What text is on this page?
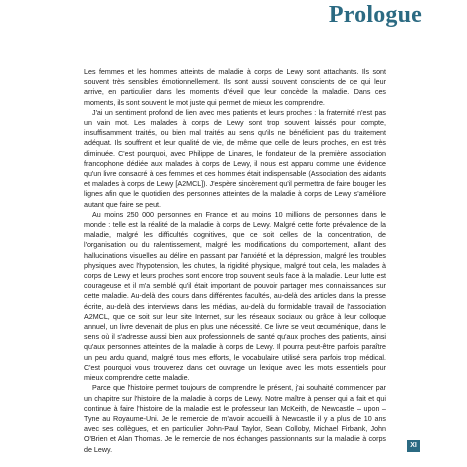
Prologue

Les femmes et les hommes atteints de maladie à corps de Lewy sont attachants. Ils sont souvent très sensibles émotionnellement. Ils sont aussi souvent conscients de ce qui leur arrive, en particulier dans les moments d'éveil que leur concède la maladie. Dans ces moments, ils sont souvent le mot juste qui permet de mieux les comprendre.

J'ai un sentiment profond de lien avec mes patients et leurs proches : la fraternité n'est pas un vain mot. Les malades à corps de Lewy sont trop souvent laissés pour compte, insuffisamment traités, ou bien mal traités au sens qu'ils ne bénéficient pas du traitement adéquat. Ils souffrent et leur qualité de vie, de même que celle de leurs proches, en est très diminuée. C'est pourquoi, avec Philippe de Linares, le fondateur de la première association francophone dédiée aux malades à corps de Lewy, il nous est apparu comme une évidence qu'un livre consacré à ces femmes et ces hommes était indispensable (Association des aidants et malades à corps de Lewy [A2MCL]). J'espère sincèrement qu'il permettra de faire bouger les lignes afin que le quotidien des personnes atteintes de la maladie à corps de Lewy s'améliore autant que faire se peut.

Au moins 250 000 personnes en France et au moins 10 millions de personnes dans le monde : telle est la réalité de la maladie à corps de Lewy. Malgré cette forte prévalence de la maladie, malgré les difficultés cognitives, que ce soit celles de la concentration, de l'organisation ou du ralentissement, malgré les modifications du comportement, allant des hallucinations visuelles au délire en passant par l'anxiété et la dépression, malgré les troubles physiques avec l'hypotension, les chutes, la rigidité physique, malgré tout cela, les malades à corps de Lewy et leurs proches sont encore trop souvent seuls face à la maladie. Leur lutte est courageuse et il m'a semblé qu'il était important de pouvoir partager mes connaissances sur cette maladie. Au-delà des cours dans différentes facultés, au-delà des articles dans la presse écrite, au-delà des interviews dans les médias, au-delà du formidable travail de l'association A2MCL, que ce soit sur leur site Internet, sur les réseaux sociaux ou grâce à leur colloque annuel, un livre devenait de plus en plus une nécessité. Ce livre se veut œcuménique, dans le sens où il s'adresse aussi bien aux professionnels de santé qu'aux proches des patients, ainsi qu'aux personnes atteintes de la maladie à corps de Lewy. Il pourra peut-être parfois paraître un peu ardu quand, malgré tous mes efforts, le vocabulaire utilisé sera parfois trop médical. C'est pourquoi vous trouverez dans cet ouvrage un lexique avec les mots essentiels pour mieux comprendre cette maladie.

Parce que l'histoire permet toujours de comprendre le présent, j'ai souhaité commencer par un chapitre sur l'histoire de la maladie à corps de Lewy. Notre maître à penser qui a fait et qui continue à faire l'histoire de la maladie est le professeur Ian McKeith, de Newcastle – upon – Tyne au Royaume-Uni. Je le remercie de m'avoir accueilli à Newcastle il y a plus de 10 ans avec ses collègues, et en particulier John-Paul Taylor, Sean Colloby, Michael Firbank, John O'Brien et Alan Thomas. Je le remercie de nos échanges passionnants sur la maladie à corps de Lewy.

XI
